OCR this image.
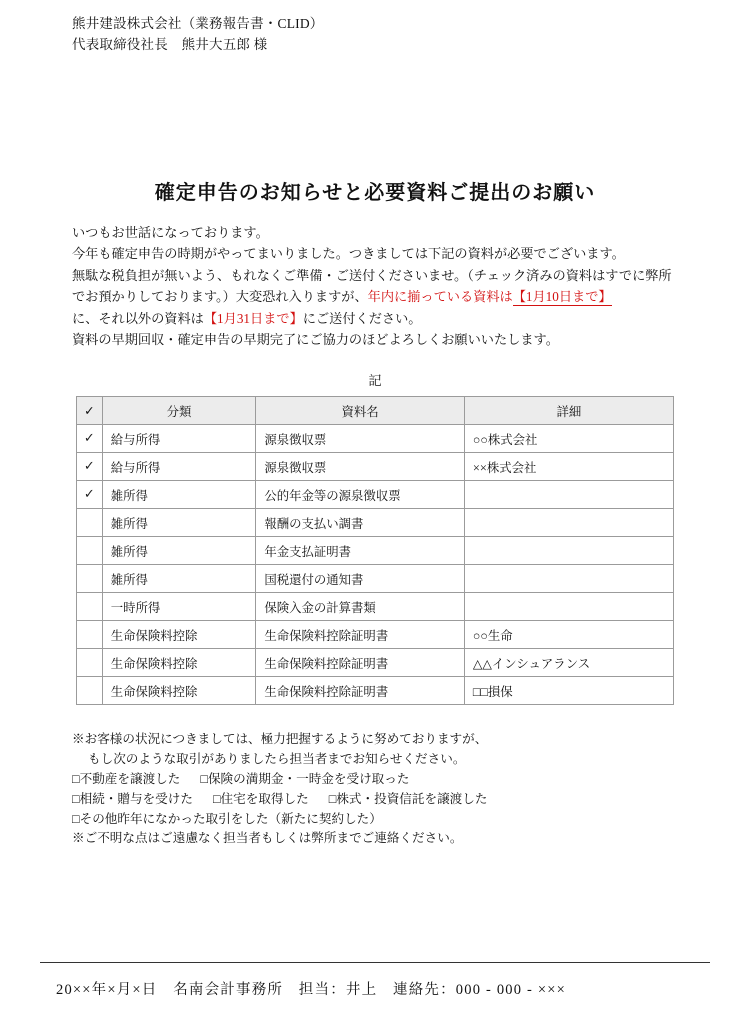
熊井建設株式会社（業務報告書・CLID）
代表取締役社長　熊井大五郎 様
確定申告のお知らせと必要資料ご提出のお願い

いつもお世話になっております。

今年も確定申告の時期がやってまいりました。つきましては下記の資料が必要でございます。

無駄な税負担が無いよう、もれなくご準備・ご送付くださいませ。（チェック済みの資料はすでに弊所

でお預かりしております。）大変恐れ入りますが、年内に揃っている資料は【1月10日まで】

に、それ以外の資料は【1月31日まで】にご送付ください。

資料の早期回収・確定申告の早期完了にご協力のほどよろしくお願いいたします。

記
✓	分類	資料名	詳細
✓	給与所得	源泉徴収票	○○株式会社
✓	給与所得	源泉徴収票	××株式会社
✓	雑所得	公的年金等の源泉徴収票	
	雑所得	報酬の支払い調書	
	雑所得	年金支払証明書	
	雑所得	国税還付の通知書	
	一時所得	保険入金の計算書類	
	生命保険料控除	生命保険料控除証明書	○○生命
	生命保険料控除	生命保険料控除証明書	△△インシュアランス
	生命保険料控除	生命保険料控除証明書	□□損保

※お客様の状況につきましては、極力把握するように努めておりますが、

もし次のような取引がありましたら担当者までお知らせください。

□不動産を譲渡した □保険の満期金・一時金を受け取った

□相続・贈与を受けた □住宅を取得した □株式・投資信託を譲渡した

□その他昨年になかった取引をした（新たに契約した）

※ご不明な点はご遠慮なく担当者もしくは弊所までご連絡ください。

20××年×月×日　名南会計事務所　担当：井上　連絡先：000 - 000 - ×××
